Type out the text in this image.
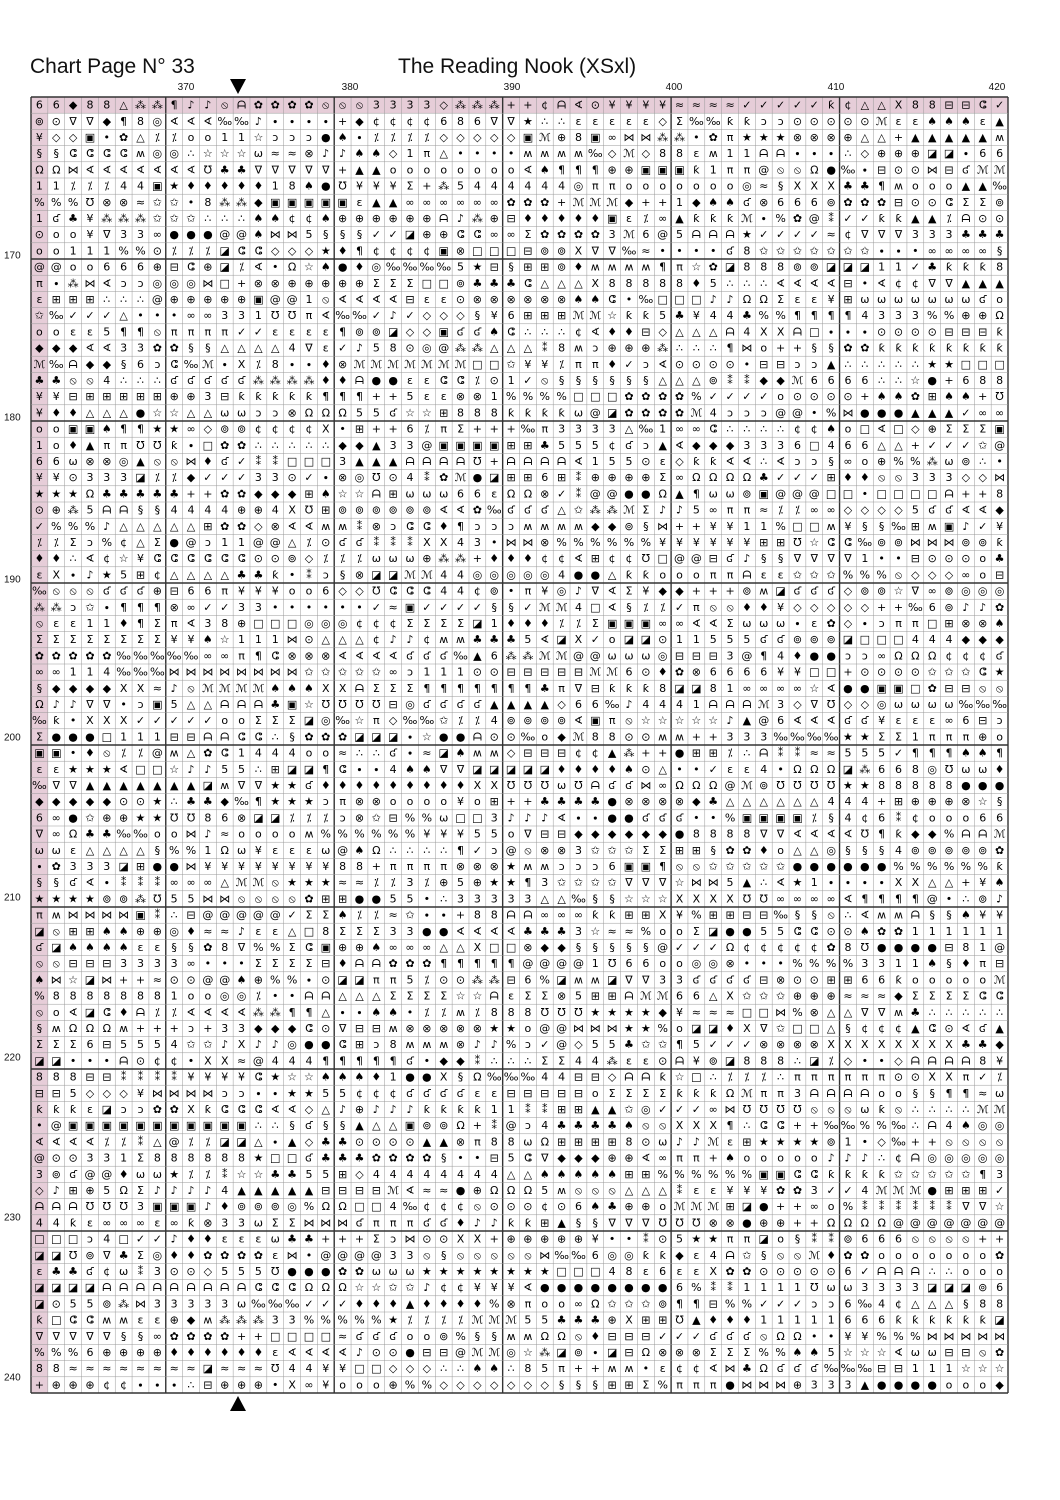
Chart Page N° 33	The Reading Nook (XSxl)
370	380	390	400	410	420
170
180
190
200
210
220
230
240
6 6 ◆ 8 8 △ ⁂ ⁂ ¶ ♪ ♪ ⦸ ᗩ ✿ ✿ ✿ ✿ ⦸ ⦸ ⦸ 3 3 3 3 ◇ ⁂ ⁂ ⁂ + + ¢ ᗩ ∢ ⊙ ¥ ¥ ¥ ¥ ≈ ≈ ≈ ≈ ✓ ✓ ✓ ✓ ✓ ƙ ¢ △ △ X 8 8 ⊟ ⊟ ⵛ ✓
⊚ ⊙ ∇ ∇ ◆ ¶ 8 ◎ ∢ ∢ ∢ ‰ ‰ ♪ ∙ ∙ ∙ ∙ + ◆ ¢ ¢ ¢ ¢ 6 8 6 ∇ ∇ ★ ∴ ∴ ɛ ɛ ɛ ɛ ɛ ◇ Σ ‰ ‰ ƙ ƙ ɔ ɔ ⊙ ⊙ ⊙ ⊙ ⊙ ℳ ɛ ɛ ♠ ♠ ♠ ɛ ▲
¥ ◇ ◇ ▣ • ✿ △ ⁒ ⁒ o o 1 1 ☆ ɔ ɔ ɔ ● ♠ ∙ ⁒ ⁒ ⁒ ⁒ ◇ ◇ ◇ ◇ ◇ ▣ ℳ ⊕ 8 ▣ ∞ ⋈ ⋈ ⁂ ⁂ • ✿ π ★ ★ ★ ⊗ ⊗ ⊗ ⊕ △ △ + ▲ ▲ ▲ ▲ ▲ ʍ
§ § ⵛ ⵛ ⵛ ⵛ ʍ ◎ ◎ ∴ ☆ ☆ ☆ ω ≈ ≈ ⊗ ♪ ♪ ♠ ♠ ◇ 1 π △ • • • • ʍ ʍ ʍ ʍ ‰ ◇ ℳ ◇ 8 8 ɛ ʍ 1 1 ᗩ ᗩ ∙ ∙ ∙ ∴ ◇ ⊕ ⊕ ⊕ ◪ ◪ ∙ 6 6
Ω Ω ⋈ ∢ ∢ ∢ ∢ ∢ ∢ ∢ ℧ ♣ ♣ ∇ ∇ ∇ ∇ ∇ + ▲ ▲ o o o o o o o o ∢ ♠ ¶ ¶ ¶ ⊕ ⊕ ▣ ▣ ▣ ƙ 1 π π @ ⦸ ⦸ Ω ● ‰ ∙ ⊟ ⊙ ⊙ ⋈ ⊟ ʛ ℳ ℳ
1 1 ⁒ ⁒ ⁒ 4 4 ▣ ★ ♦ ♦ ♦ ♦ ♦ 1 8 ♠ ● ℧ ¥ ¥ ¥ Σ + ⁂ 5 4 4 4 4 4 4 ◎ π π o o o o o o o ◎ ≈ § X X X ♣ ♣ ¶ ʍ o o o ▲ ▲ ‰
% % % ℧ ⊗ ⊗ ≈ ✩ ✩ • 8 ⁂ ⁂ ◆ ▣ ▣ ▣ ▣ ▣ ɛ ▲ ▲ ∞ ∞ ∞ ∞ ∞ ∞ ✿ ✿ ✿ + ℳ ℳ ℳ ◆ + + 1 ◆ ♠ ♠ ʛ ⊗ 6 6 6 ⊚ ✿ ✿ ✿ ⊟ ⊙ ⊙ ⵛ Σ Σ ⊚
1 ʛ ♣ ¥ ⁂ ⁂ ⁂ ✩ ✩ ✩ ∴ ∴ ∴ ♠ ♠ ¢ ¢ ♠ ⊕ ⊕ ⊕ ⊕ ⊕ ⊕ ᗩ ♪ ⁂ ⊕ ⊟ ♦ ♦ ♦ ♦ ♦ ▣ ɛ ⁒ ∞ ▲ ƙ ƙ ƙ ℳ ∙ % ✿ @ ⁑ ✓ ✓ ƙ ƙ ▲ ▲ ⁒ ᗩ ⊙ ⊙
⊙ o o ¥ ∇ 3 3 ∞ ● ● ● @ @ ♠ ⋈ ⋈ 5 § § § ✓ ✓ ◪ ⊕ ⊕ ⵛ ⵛ ∞ ∞ Σ ✿ ✿ ✿ ✿ 3 ℳ 6 @ 5 ᗩ ᗩ ᗩ ★ ✓ ✓ ✓ ✓ ≈ ¢ ∇ ∇ ∇ 3 3 3 ♣ ♣ ♣
o o 1 1 1 % % ⊙ ⁒ ⁒ ⁒ ◪ ⵛ ⵛ ◇ ◇ ◇ ★ ♦ ¶ ¢ ¢ ¢ ¢ ▣ ⊗ □ □ □ ⊟ ⊚ ⊚ X ∇ ∇ ‰ ≈ • • • • ʛ 8 ✩ ✩ ✩ ✩ ✩ ✩ ✩ ∙ ∙ • ∞ ∞ ∞ ∞ §
@ @ o o 6 6 6 ⊕ ⊟ ⵛ ⊕ ◪ ⁒ ∢ • Ω ☆ ♠ ● ♦ ◎ ‰ ‰ ‰ ‰ 5 ★ ⊟ § ⊞ ⊞ ⊚ ♦ ʍ ʍ ʍ ʍ ¶ π ☆ ✿ ◪ 8 8 8 ⊚ ⊚ ◪ ◪ ◪ 1 1 ✓ ♣ ƙ ƙ ƙ 8
π ∙ ⁂ ⋈ ∢ ɔ ɔ ◎ ◎ ◎ ⋈ □ + ⊗ ⊗ ⊕ ⊕ ⊕ ⊕ ⊕ Σ Σ Σ □ □ ⊚ ♣ ♣ ♣ ⵛ △ △ △ X 8 8 8 8 8 ♦ 5 ∴ ∴ ∴ ∢ ∢ ∢ ∢ ⊟ • ∢ ¢ ¢ ∇ ∇ ▲ ▲ ▲
ɛ ⊞ ⊞ ⊞ ∴ ∴ ∴ @ ⊕ ⊕ ⊕ ⊕ ⊕ ▣ @ @ 1 ⦸ ∢ ∢ ∢ ∢ ⊟ ɛ ɛ ⊙ ⊗ ⊗ ⊗ ⊗ ⊗ ⊗ ♠ ♠ ⵛ • ‰ □ □ □ ♪ ♪ Ω Ω Σ ɛ ɛ ¥ ⊞ ω ω ω ω ω ω ω ʛ o
✩ ‰ ✓ ✓ ✓ △ • • • ∞ ∞ 3 3 1 ℧ ℧ π ∢ ‰ ‰ ✓ ♪ ✓ ◇ ◇ ◇ § ¥ 6 ⊞ ⊞ ⊞ ℳ ℳ ☆ ƙ ƙ 5 ♣ ¥ 4 4 ♣ % % ¶ ¶ ¶ ¶ 4 3 3 3 % % ⊕ ⊕ Ω
o o ɛ ɛ 5 ¶ ¶ ⦸ π π π π ✓ ✓ ɛ ɛ ɛ ɛ ¶ ⊚ ⊚ ◪ ◇ ◇ ▣ ʛ ʛ ♠ ⵛ ∴ ∴ ∴ ¢ ∢ ♦ ♦ ⊟ ◇ △ △ △ ᗩ 4 X X ᗩ □ ∙ ∙ ∙ ⊙ ⊙ ⊙ ⊙ ⊟ ⊟ ⊟ ƙ
◆ ◆ ◆ ∢ ∢ 3 3 ✿ ✿ § § △ △ △ △ 4 ∇ ɛ ✓ ♪ 5 8 ⊙ ◎ @ ⁂ ⁂ △ △ △ ⁑ 8 ʍ ɔ ⊕ ⊕ ⊕ ⁂ ∴ ∴ ∴ ¶ ⋈ o + + § § ✿ ✿ ƙ ƙ ƙ ƙ ƙ ƙ ƙ ƙ
ℳ ‰ ᗩ ◆ ◆ § 6 ɔ ⵛ ‰ ℳ ∙ X ⁒ 8 ∙ ∙ ♦ ⊗ ℳ ℳ ℳ ℳ ℳ ℳ ℳ □ □ ✩ ¥ ¥ ⁒ π π ♦ ✓ ɔ ∢ ⊙ ⊙ ⊙ ⊙ • ⊟ ⊟ ɔ ɔ ▲ ∴ ∴ ∴ ∴ ∴ ★ ★ □ □ □
♣ ♣ ⦸ ⦸ 4 ∴ ∴ ∴ ʛ ʛ ʛ ʛ ʛ ⁂ ⁂ ⁂ ⁂ ♦ ♦ ᗩ ● ● ɛ ɛ ⵛ ⵛ ⁒ ⊙ 1 ✓ ⦸ § § § § § § △ △ △ ⊚ ⁑ ⁑ ◆ ◆ ℳ 6 6 6 6 ∴ ∴ ☆ ● + 6 8 8
¥ ¥ ⊟ ⊞ ⊞ ⊞ ⊞ ⊞ ⊕ ⊕ 3 ⊟ ƙ ƙ ƙ ƙ ƙ ¶ ¶ ¶ + + 5 ɛ ɛ ⊗ ⊗ 1 % % % % □ □ □ ✿ ✿ ✿ ✿ % ✓ ✓ ✓ ✓ o ⊙ ⊙ ⊙ ⊙ + ♠ ♠ ✿ ⊞ ♠ ♠ + ℧
¥ ♦ ♦ △ △ △ ● ☆ ☆ △ △ ω ω ɔ ɔ ⊗ Ω Ω Ω 5 5 ʛ ☆ ☆ ⊞ 8 8 8 ƙ ƙ ƙ ƙ ω @ ◪ ✿ ✿ ✿ ✿ ℳ 4 ɔ ɔ ɔ @ @ • % ⋈ ● ● ● ▲ ▲ ▲ ✓ ∞ ∞
o o ▣ ▣ ♠ ¶ ¶ ★ ★ ∞ ◇ ⊚ ⊚ ¢ ¢ ¢ ¢ X • ⊞ + + 6 ⁒ π Σ + + + ‰ π 3 3 3 3 △ ‰ 1 ∞ ∞ ⵛ ∴ ∴ ∴ ∴ ¢ ¢ ♠ o □ ∢ □ ◇ ⊕ Σ Σ Σ ▣
1 o ♦ ▲ π π ℧ ℧ ƙ ∙ □ ✿ ✿ ∴ ∴ ∴ ∴ ∴ ◆ ◆ ▲ 3 3 @ ▣ ▣ ▣ ▣ ⊞ ⊞ ♣ 5 5 5 ¢ ʛ ɔ ▲ ∢ ◆ ◆ ◆ 3 3 3 6 □ 4 6 6 △ △ + ✓ ✓ ✓ ✩ @
6 6 ω ⊗ ⊗ ◎ ▲ ⦸ ⦸ ⋈ ♦ ʛ ✓ ⁑ ⁑ □ □ □ 3 ▲ ▲ ▲ ᗩ ᗩ ᗩ ᗩ ℧ + ᗩ ᗩ ᗩ ᗩ ∢ 1 5 5 ⊙ ɛ ◇ ƙ ƙ ∢ ∢ ∴ ∢ ɔ ɔ § ∞ o ⊕ % % ⁂ ω ⊚ ∴ •
¥ ¥ ⊙ 3 3 3 ◪ ⁒ ⁒ ◆ ✓ ✓ ✓ 3 3 ⊙ ✓ ∙ ⊗ ◎ ℧ ⊙ 4 ⁑ ✿ ℳ ● ◪ ⊞ ⊞ 6 ⊞ ⁑ ⊕ ⊕ ⊕ ⊕ Σ ∞ Ω Ω Ω Ω ♣ ✓ ✓ ✓ ⊞ ♦ ♦ ⦸ ⦸ 3 3 3 ◇ ◇ ⋈
★ ★ ★ Ω ♣ ♣ ♣ ♣ ♣ + + ✿ ✿ ◆ ◆ ◆ ⊞ ♠ ☆ ☆ ᗩ ⊞ ω ω ω 6 6 ɛ Ω Ω ⊗ ✓ ⁑ @ @ ● ● Ω ▲ ¶ ω ω ⊚ ▣ @ @ @ □ □ • □ □ □ □ ᗩ + + 8
⊙ ⊕ ⁂ 5 ᗩ ᗩ § § 4 4 4 4 ⊕ ⊕ 4 X ℧ ⊞ ⊚ ⊚ ⊚ ⊚ ⊚ ⊚ ∢ ∢ ✿ ‰ ʛ ʛ ʛ △ ✩ ⁂ ⁂ ℳ Σ ♪ ♪ 5 ∞ π π ≈ ⁒ ⁒ ∞ ∞ ◇ ◇ ◇ ◇ 5 ʛ ʛ ∢ ∢ ◆
✓ % % % ♪ △ △ △ △ △ ⊞ ✿ ✿ ◇ ⊗ ∢ ∢ ʍ ʍ ⁑ ⊗ ɔ ⵛ ⵛ ♦ ¶ ɔ ɔ ɔ ʍ ʍ ʍ ʍ ◆ ◆ ⊚ § ⋈ + + ¥ ¥ 1 1 % □ □ ʍ ¥ § § ‰ ⊞ ʍ ▣ ♪ ✓ ¥
⁒ ⁒ Σ ɔ % ¢ △ Σ ● @ ɔ 1 1 @ @ △ ⁒ ⊙ ʛ ʛ ⁑ ⁑ ⁑ X X 4 3 • ⋈ ⋈ ⊗ % % % % % % ¥ ¥ ¥ ¥ ¥ ¥ ⊞ ⊞ ℧ ☆ ⵛ ⵛ ‰ ⊚ ⊚ ⋈ ⋈ ⋈ ⊚ ⊚ ƙ
♦ ♦ ∴ ∢ ¢ ☆ ¥ ⵛ ⵛ ⵛ ⵛ ⵛ ⵛ ⊙ ⊙ ⊚ ◇ ⁒ ⁒ ⁒ ω ω ω ⊕ ⁂ ⁂ + ♦ ♦ ♦ ¢ ¢ ∢ ⊞ ¢ ¢ ℧ □ @ @ ⊟ ʛ ♪ § § ∇ ∇ ∇ ∇ 1 • • ⊟ ⊙ ⊙ ⊙ o ♣
ɛ X ∙ ♪ ★ 5 ⊞ ¢ △ △ △ △ ♣ ♣ ƙ • ⁑ ɔ § ⊗ ◪ ◪ ℳ ℳ 4 4 ◎ ◎ ◎ ◎ ◎ 4 ● ● △ ƙ ƙ o o o π π ᗩ ɛ ɛ ✩ ✩ ✩ % % % ⦸ ◇ ◇ ◇ ∞ o ⊟
‰ ⦸ ⦸ ⦸ ʛ ʛ ʛ ⊕ ⊟ 6 6 π ¥ ¥ ¥ o o 6 ◇ ◇ ℧ ⵛ ⵛ ⵛ 4 4 ¢ ⊚ • π ¥ ◎ ♪ ∇ ∢ Σ ¥ ◆ ◆ + + + ⊚ ʍ ◪ ʛ ʛ ʛ ◇ ⊚ ⊚ ☆ ∇ ∞ ⊚ ◎ ◎ ◎
⁂ ⁂ ɔ ✩ ∙ ¶ ¶ ¶ ⊗ ∞ ✓ ✓ 3 3 • • • • • • ✓ ≈ ▣ ✓ ✓ ✓ ✓ § § ✓ ℳ ℳ 4 □ ∢ § ⁒ ⁒ ✓ π ⦸ ⦸ ♦ ♦ ¥ ◇ ◇ ◇ ◇ ◇ + + ‰ 6 ⊚ ♪ ♪ ✿
⦸ ɛ ɛ 1 1 ♦ ¶ Σ π ∢ 3 8 ⊕ □ □ □ ◎ ◎ ◎ ¢ ¢ ¢ Σ Σ Σ Σ ◪ 1 ♦ ♦ ♦ ⁒ ⁒ Σ ▣ ▣ ▣ ∞ ∞ ∢ ∢ Σ ω ω ω ∙ ɛ ✿ ◇ ∙ ɔ π π □ ⊞ ⊗ ⊗ ♠
Σ Σ Σ Σ Σ Σ Σ Σ ¥ ¥ ♠ ☆ 1 1 1 ⋈ ⊙ △ △ △ ¢ ♪ ♪ ¢ ʍ ʍ ♣ ♣ ♣ 5 ∢ ◪ X ✓ o ◪ ◪ ⊙ 1 1 5 5 5 ʛ ʛ ⊚ ⊚ ⊚ ◪ □ □ □ 4 4 4 ◆ ◆ ◆
✿ ✿ ✿ ✿ ✿ ‰ ‰ ‰ ‰ ‰ ∞ ∞ π ¶ ⵛ ⊗ ⊗ ⊗ ∢ ∢ ∢ ∢ ʛ ʛ ʛ ‰ ▲ 6 ⁂ ⁂ ℳ ℳ @ @ ω ω ω ◎ ⊟ ⊟ ⊟ 3 @ ¶ 4 ♦ ● ● ɔ ɔ ∞ Ω Ω Ω ¢ ¢ ¢ ʛ
∞ ∞ 1 1 4 ‰ ‰ ‰ ⋈ ⋈ ⋈ ⋈ ⋈ ⋈ ⋈ ⋈ ✩ ✩ ✩ ✩ ✩ ∞ ɔ 1 1 1 ⊙ ⊙ ⊟ ⊟ ⊟ ⊟ ⊟ ℳ ℳ 6 ⊙ ♦ ✿ ⊗ 6 6 6 6 ¥ ¥ □ □ + ⊙ ⊙ ⊙ ⊙ ✩ ✩ ✩ ⵛ ★
§ ◆ ◆ ◆ ◆ X X ≈ ♪ ⦸ ℳ ℳ ℳ ℳ ♠ ♠ ♠ X X ᗩ Σ Σ Σ ¶ ¶ ¶ ¶ ¶ ¶ ¶ ♣ π ∇ ⊟ ƙ ƙ ƙ 8 ◪ ◪ 8 1 ∞ ∞ ∞ ∞ ☆ ∢ ● ● ▣ ▣ □ ✿ ⊟ ⊟ ⦸ ⦸
Ω ♪ ♪ ∇ ∇ • ɔ ▣ 5 △ △ ᗩ ᗩ ᗩ ♣ ▣ ☆ ℧ ℧ ℧ ℧ ⊟ ◎ ʛ ʛ ʛ ʛ ▲ ▲ ▲ ▲ ◇ 6 6 ‰ ♪ 4 4 4 1 ᗩ ᗩ ᗩ ℳ 3 ◇ ∇ ℧ ◇ ◇ ◎ ω ω ω ω ‰ ‰ ‰
‰ ƙ • X X X ✓ ✓ ✓ ✓ ✓ o o Σ Σ Σ ◪ ◎ ‰ ☆ π ◇ ‰ ‰ ✩ ⁒ ⁒ 4 ⊚ ⊚ ⊚ ⊚ ∢ ▣ π ⦸ ☆ ☆ ☆ ☆ ☆ ♪ ▲ @ 6 ∢ ∢ ∢ ʛ ʛ ¥ ɛ ɛ ɛ ∞ 6 ⊟ ɔ
Σ ● ● ● □ 1 1 1 ⊟ ⊟ ᗩ ᗩ ⵛ ⵛ ∴ § ✿ ✿ ✿ ◪ ◪ ◪ ∙ ☆ ● ● ᗩ ⊙ ⊙ ‰ o ◆ ℳ 8 8 ⊙ ⊙ ʍ ʍ + + 3 3 3 ‰ ‰ ‰ ‰ ★ ★ Σ Σ 1 π π π ⊕ o
▣ ▣ • ♦ ⦸ ⁒ ⁒ @ ʍ △ ✿ ⵛ 1 4 4 4 o o ≈ ∴ ∴ ʛ ∙ ≈ ◪ ♠ ʍ ʍ ◇ ⊟ ⊟ ⊟ ¢ ¢ ▲ ⁂ + + ● ⊞ ⊞ ⁒ ∴ ᗩ ⁑ ⁑ ≈ ≈ 5 5 5 ✓ ¶ ¶ ¶ ♠ ♠ ¶
ɛ ɛ ★ ★ ★ ∢ □ □ ☆ ♪ ♪ 5 5 ∴ ⊞ ◪ ◪ ¶ ⵛ ∙ ∙ 4 ♠ ♠ ∇ ∇ ◪ ◪ ◪ ◪ ◪ ♦ ♦ ♦ ♦ ♠ ⊙ △ • • ✓ ɛ ɛ 4 • Ω Ω Ω ◪ ⁂ 6 6 8 ◎ ℧ ω ω ♦
‰ ∇ ∇ ▲ ▲ ▲ ▲ ▲ ▲ ▲ ◪ ʍ ∇ ∇ ★ ★ ʛ ♦ ♦ ♦ ♦ ♦ ♦ ♦ ♦ ♦ X X ℧ ℧ ℧ ω ℧ ᗩ ʛ ʛ ⋈ ∞ Ω Ω Ω @ ℳ ⊚ ℧ ℧ ℧ ℧ ★ ★ 8 8 8 8 8 ● ● ●
◆ ◆ ◆ ◆ ◆ ⊙ ⊙ ★ ∴ ♣ ♣ ◆ ‰ ¶ ★ ★ ★ ɔ π ⊗ ⊗ o o o o ¥ o ⊞ + + ♣ ♣ ♣ ♣ ● ⊗ ⊗ ⊗ ⊗ ◆ ♣ △ △ △ △ △ △ 4 4 4 + ⊞ ⊕ ⊕ ⊕ ⊗ ☆ §
6 ∞ ● ✩ ⊕ ⊕ ★ ★ ℧ ℧ 8 6 ⊗ ◪ ◪ ⁒ ⁒ ⁒ ɔ ⊗ ✩ ⊟ % % ω □ □ 3 ♪ ♪ ♪ ∢ ∙ ∙ ● ● ʛ ʛ ʛ • • % ▣ ▣ ▣ ▣ ⁒ § 4 ¢ 6 ⁑ ¢ o o o 6 6
∇ ∞ Ω ♣ ♣ ‰ ‰ o o ⋈ ♪ ≈ o o o o ʍ % % % % % % ¥ ¥ ¥ 5 5 o ∇ ⊟ ⊟ ◆ ◆ ◆ ◆ ◆ ◆ ● 8 8 8 8 ∇ ∇ ∢ ∢ ∢ ∢ ℧ ¶ ƙ ◆ ◆ % ᗩ ᗩ ℳ
ω ω ɛ △ △ △ △ § % % 1 Ω ω ¥ ɛ ɛ ɛ ω @ ♠ Ω ∴ ∴ ∴ ∴ ¶ ✓ ɔ @ ⦸ ⊗ ⊗ 3 ✩ ✩ ✩ Σ Σ ⊞ ⊞ § ✿ ✿ ♦ o △ △ ◎ § § § 4 ⊚ ⊚ ⊚ ⊚ ⊚ ✿
∙ ✿ 3 3 3 ◪ ⊞ ● ● ⋈ ¥ ¥ ¥ ¥ ¥ ¥ ¥ ¥ 8 8 + π π π π ⊗ ⊗ ⊗ ★ ʍ ʍ ɔ ɔ ɔ 6 ▣ ▣ ¶ ⦸ ⦸ ✩ ✩ ✩ ✩ ✩ ● ● ● ● ● ● % % % % % % ƙ
§ § ʛ ∢ ∙ ⁑ ⁑ ⁑ ∞ ∞ ∞ △ ℳ ℳ ⦸ ★ ★ ★ ≈ ≈ ⁒ ⁒ 3 ⁒ ⊕ 5 ⊕ ★ ★ ¶ 3 ✩ ✩ ✩ ✩ ∇ ∇ ∇ ☆ ⋈ ⋈ 5 ▲ ∴ ∢ ★ 1 ∙ ∙ ∙ ∙ X X △ △ + ¥ ♠
★ ★ ★ ★ ⊚ ⊚ ⁂ ℧ 5 5 ⋈ ⋈ ⦸ ⦸ ⦸ ⦸ ✿ ⊞ ⊞ ● ● 5 5 • ∴ 3 3 3 3 3 △ △ ‰ § § ☆ ☆ ☆ X X X X ℧ ℧ ∞ ∞ ∞ ∞ ∢ ¶ ¶ ¶ ¶ @ • ∴ ⊚ ♪
π ʍ ⋈ ⋈ ⋈ ⋈ ▣ ⁑ ∴ ⊟ @ @ @ @ @ ✓ Σ Σ ♠ ⁒ ⁒ ≈ ✩ ∙ ∙ + 8 8 ᗩ ᗩ ∞ ∞ ∞ ƙ ƙ ⊞ ⊞ X ¥ % ⊞ ⊞ ⊟ ⊟ ‰ § § ⦸ ∴ ∢ ʍ ʍ ᗩ § § ♠ ¥ ¥
◪ ⦸ ⊞ ⊞ ♠ ♠ ⊕ ⊕ ◎ ♦ ≈ ≈ ♪ ɛ ɛ △ □ 8 Σ Σ Σ 3 3 ● ● ∢ ∢ ∢ ∢ ♣ ♣ ♣ 3 ☆ ≈ ≈ % o o Σ ◪ ● ● 5 5 ⵛ ⵛ ⊙ ⊙ ♠ ✿ ✿ 1 1 1 1 1 1
ʛ ◪ ♠ ♠ ♠ ♠ ɛ ɛ § § ✿ 8 ∇ % % Σ ⵛ ▣ ⊕ ⊕ ♠ ∞ ∞ ∞ △ △ X □ □ ⊗ ◆ ◆ § § § § § @ ✓ ✓ ✓ Ω ¢ ¢ ¢ ¢ ¢ ✿ 8 ℧ ● ● ● ● ⊟ 8 1 @
⦸ ⦸ ⊟ ⊟ ⊟ 3 3 3 3 ∞ • • • Σ Σ Σ Σ ⊟ ♦ ᗩ ᗩ ✿ ✿ ✿ ¶ ¶ ¶ ¶ ¶ @ @ @ @ 1 ℧ 6 6 o o ◎ ◎ ⊗ • • • % % % % 3 3 1 1 ♠ § ♦ π ⊟
♠ ⋈ ☆ ◪ ⋈ + + ≈ ⊙ ⊙ @ @ ♠ ⊕ % % ∙ ⊙ ◪ ◪ π π 5 ⁒ ⊙ ⊙ ⁂ ⁂ ⊟ 6 % ◪ ʍ ʍ ◪ ∇ ∇ 3 3 ʛ ʛ ʛ ʛ ⊟ ⊗ ⊙ ⊙ ⊞ ⊞ 6 6 ƙ o o o o o ℳ
% 8 8 8 8 8 8 8 1 o o ◎ ◎ ⁒ • • ᗩ ᗩ △ △ △ Σ Σ Σ Σ ☆ ☆ ᗩ ɛ Σ Σ ⊗ 5 ⊞ ⊞ ᗩ ℳ ℳ 6 6 △ X ✩ ✩ ✩ ⊕ ⊕ ⊕ ≈ ≈ ≈ ◆ Σ Σ Σ Σ ⵛ ⵛ
⦸ o ∢ ◪ ⵛ ♦ ᗩ ⁒ ⁒ ∢ ∢ ∢ ∢ ⁂ ⁂ ¶ ¶ △ ∙ ∙ ♠ ♠ • ⁒ ⁒ ʍ ⁒ 8 8 8 ℧ ℧ ℧ ★ ★ ★ ★ ◆ ¥ ≈ ≈ ≈ □ □ ⋈ % ⊗ △ △ ∇ ∇ ʍ ♣ ∴ ∴ ∴ ∴ ∴
§ ʍ Ω Ω Ω ʍ + + + ɔ + 3 3 ◆ ◆ ◆ ⵛ ⊙ ∇ ⊟ ⊟ ʍ ⊗ ⊗ ⊗ ⊗ ⊗ ★ ★ o @ @ ⋈ ⋈ ⋈ ★ ★ % o ◪ ◪ ♦ X ∇ ✩ □ □ △ § ¢ ¢ ¢ ▲ ⵛ ⊙ ∢ ʛ ▲
Σ Σ Σ 6 ⊟ 5 5 5 4 ✩ ✩ ♪ X ♪ ♪ ◎ ● ● ⵛ ⊞ ɔ 8 ʍ ʍ ʍ ⊗ ♪ ♪ % ɔ ✓ @ ◇ 5 5 ♣ ✩ ✩ ¶ 5 ✓ ✓ ✓ ⊗ ⊗ ⊗ ⊗ X X X X X X X X ♣ ♣ ◆
◪ ◪ • • • ᗩ ⊙ ¢ ¢ • X X ≈ @ 4 4 4 ¶ ¶ ¶ ¶ ¶ ʛ • ◆ ◆ ⁑ ∴ ∴ ∴ Σ Σ 4 4 ⁂ ɛ ɛ ⊙ ᗩ ¥ ⊚ ◪ 8 8 8 ∴ ◪ ⁒ ◇ • • ◇ ᗩ ᗩ ᗩ ᗩ 8 ¥
8 8 8 ⊟ ⊟ ⁑ ⁑ ⁑ ⁑ ¥ ¥ ¥ ¥ ⵛ ★ ☆ ☆ ♠ ♠ ♠ ♦ 1 ● ● X § Ω ‰ ‰ ‰ 4 4 ⊟ ⊟ ◇ ᗩ ᗩ ƙ ☆ □ ∴ ⁒ ⁒ ⁒ ∴ π π π π π π ⊙ ⊙ X X π ✓ ⁒
⊟ ⊟ 5 ◇ ◇ ◇ ¥ ⋈ ⋈ ⋈ ⋈ ɔ ɔ ∙ ∙ ★ ★ 5 5 ¢ ¢ ¢ ʛ ʛ ʛ ʛ ɛ ɛ ⊟ ⊟ ⊟ ⊟ ⊟ o Σ Σ Σ Σ ƙ ƙ ƙ Ω ℳ π π 3 ᗩ ᗩ ᗩ ᗩ o o § § ¶ ¶ ≈ ω
ƙ ƙ ƙ ɛ ◪ ɔ ɔ ✿ ✿ X ƙ ⵛ ⵛ ⵛ ∢ ∢ ◇ △ ♪ ⊕ ♪ ♪ ♪ ƙ ƙ ƙ ƙ 1 1 ⁑ ⁑ ⊞ ⊞ ▲ ▲ ✩ ◎ ✓ ✓ ✓ ∞ ⋈ ℧ ℧ ℧ ℧ ⦸ ⦸ ⦸ ω ƙ ⦸ ∴ ∴ ∴ ∴ ℳ ℳ
• @ ▣ ▣ ▣ ▣ ▣ ▣ ▣ ▣ ▣ ▣ ▣ ∴ ∴ § ʛ § § ▲ △ △ ▣ ⊚ ⊚ Ω + ⁑ @ ɔ 4 ♣ ♣ ♣ ♣ ♠ ⦸ ⦸ X X X ¶ ∴ ⵛ ⵛ + + ‰ ‰ % % ‰ ∴ ᗩ 4 ♠ ◎ ◎
∢ ∢ ∢ ∢ ⁒ ⁒ ⁑ △ @ ⁒ ⁒ ◪ ◪ △ ∙ ▲ ◇ ♣ ♣ ⊙ ⊙ ⊙ ⊙ ▲ ▲ ⊗ π 8 8 ω Ω ⊞ ⊞ ⊞ ⊞ 8 ⊙ ω ♪ ♪ ℳ ɛ ⊞ ★ ★ ★ ★ ⊚ 1 • ◇ ‰ + + ⦸ ⦸ ⦸ ⦸
@ ⊙ ⊙ 3 3 1 Σ 8 8 8 8 8 8 ★ □ □ ʛ ♣ ♣ ♣ ✿ ✿ ✿ ✿ § • • ⊟ 5 ⵛ ∇ ◆ ◆ ◆ ⊕ ⊕ ∢ ∞ π π + ♠ o o o o o ♪ ♪ ♪ ∴ ¢ ᗩ ◎ ◎ ◎ ◎ ◎
3 ⊚ ʛ @ @ ♦ ω ω ★ ⁒ ⁒ ⁑ ☆ ☆ ♣ ♣ 5 5 ⊞ ◇ 4 4 4 4 4 4 4 4 △ △ ♠ ♠ ♠ ♠ ♠ ⊞ ⊞ % % % % % % ▣ ▣ ⵛ ⵛ ƙ ƙ ƙ ƙ ✩ ✩ ✩ ✩ ✩ ¶ 3
◇ ♪ ⊞ ⊕ 5 Ω Σ ♪ ♪ ♪ ♪ 4 ▲ ▲ ▲ ▲ ▲ ⊟ ⊟ ⊟ ⊟ ℳ ∢ ≈ ≈ ● ⊕ Ω Ω Ω 5 ʍ ⦸ ⦸ ⦸ △ △ △ ⁑ ɛ ɛ ¥ ¥ ¥ ✿ ✿ 3 ✓ ✓ 4 ℳ ℳ ℳ ● ⊞ ⊞ ⊞ ✓
ᗩ ᗩ ᗩ ℧ ℧ ℧ 3 ▣ ▣ ▣ ♪ ♦ ⊚ ⊚ ⊚ ◎ % Ω Ω □ □ 4 ‰ ¢ ¢ ¢ ⦸ ⊙ ⊙ ⊙ ¢ ⊙ 6 ♠ ♣ ⊕ ⊕ o ℳ ℳ ℳ ⊞ ◪ ● + + ∞ o % ⁑ ⁑ ⁑ ⁑ ⁑ ⁑ ∇ ∇ ☆
4 4 ƙ ɛ ∞ ∞ ∞ ɛ ∞ ƙ ⊗ 3 3 ω Σ Σ ⋈ ⋈ ⋈ ʛ π π π ʛ ʛ ♦ ♪ ♪ ƙ ƙ ⊞ ▲ § § ∇ ∇ ∇ ℧ ℧ ℧ ⊗ ⊗ ● ⊕ ⊕ + + Ω Ω Ω Ω @ @ @ @ @ @ @
□ □ □ ɔ 4 □ ✓ ✓ ♪ ♦ ♦ ɛ ɛ ɛ ω ♣ ♣ + + + Σ ɔ ⋈ ⊙ ⊙ X X + ⊕ ⊕ ⊕ ⊕ ⊕ ¥ • • ⁑ ⊙ 5 ★ ★ π π ◪ o § ⁑ ⁑ ⊚ 6 6 6 ⦸ ⦸ ⦸ ⦸ + +
◪ ◪ ℧ ⊚ ∇ ♣ Σ ◎ ♦ ♦ ✿ ✿ ✿ ✿ ɛ ⋈ • @ @ @ @ 3 3 ⦸ § ⦸ ⦸ ⦸ ⦸ ⦸ ⋈ ‰ ‰ 6 ◎ ◎ ƙ ƙ ◆ ɛ 4 ᗩ ✩ § ⦸ ⦸ ℳ ♦ ✿ ✿ o o o o o o o ✿
ɛ ♣ ♣ ʛ ¢ ω ⁑ 3 ⊙ ⊙ ◇ 5 5 5 ℧ ● ● ● ✿ ✿ ω ω ω ★ ★ ★ ★ ★ ★ ★ ★ □ □ □ 4 8 ɛ 6 ɛ ɛ X ✿ ✿ ⊙ ⊙ ⊙ ⊙ ⊙ 6 ✓ ᗩ ᗩ ᗩ ∴ ∴ o o o
◪ ◪ ◪ ◪ ᗩ ᗩ ᗩ ᗩ ᗩ ᗩ ᗩ ᗩ ᗩ ⵛ ⵛ ⵛ Ω Ω Ω ☆ ☆ ✩ ✩ ♪ ¢ ¢ ¥ ¥ ¥ ∢ ● ● ● ● ● ● ● ● 6 % ⁑ ⁑ 1 1 1 1 ℧ ω ω 3 3 3 3 ◪ ◪ ◪ ⊚ 6
◪ ⊙ 5 5 ⊚ ⁂ ⋈ 3 3 3 3 3 ω ‰ ‰ ‰ ✓ ✓ ✓ ♦ ♦ ♦ ▲ ♦ ♦ ♦ ♦ % ⊗ π o o ∞ Ω ✩ ✩ ✩ ⊚ ¶ ¶ ⊟ % % ✓ ✓ ✓ ɔ ɔ 6 ‰ 4 ¢ △ △ △ § 8 8
ƙ □ ⵛ ⵛ ʍ ʍ ɛ ɛ ⊕ ◆ ʍ ⁂ ⁂ ⁂ 3 3 % % % % % ★ ⁒ ⁒ ⁒ ⁒ ℳ ℳ ℳ 5 5 ♣ ♣ ♣ ⊕ X ⊞ ⊞ ℧ ▲ ♦ ♦ ♦ 1 1 1 1 1 6 6 6 ƙ ƙ ƙ ƙ ƙ ƙ ◪
∇ ∇ ∇ ∇ ∇ § § ∞ ✿ ✿ ✿ ✿ + + □ □ □ □ ≈ ʛ ʛ ʛ o o ⊚ % § § ʍ ʍ Ω Ω ⦸ ♦ ⊟ ⊟ ⊟ ✓ ✓ ✓ ʛ ʛ ʛ ⦸ Ω Ω • • ¥ ¥ % % % ⋈ ⋈ ⋈ ⋈ ⋈
% % % 6 ⊕ ⊕ ⊕ ⊕ ♦ ♦ ♦ ♦ ♦ ♦ ɛ ∢ ∢ ∢ ∢ ♪ ⊙ ⊙ ● ⊟ ⊟ @ ℳ ℳ ◎ ☆ ⁂ ◪ ⊚ ∙ ◪ ⊟ Ω ⊗ ⊗ ⊗ Σ Σ Σ % % ♠ ♠ 5 ☆ ☆ ☆ ∢ ω ω ⊟ ⊟ ⦸ ✿
8 8 ≈ ≈ ≈ ≈ ≈ ≈ ≈ ≈ ◪ ≈ ≈ ≈ ℧ 4 4 ¥ ¥ □ □ ◇ ◇ ◇ ∴ ∴ ♠ ♠ ∴ 8 5 π + + ʍ ʍ • ɛ ¢ ¢ ∢ ⋈ ♣ Ω ʛ ʛ ʛ ‰ ‰ ‰ ⊟ ⊟ 1 1 1 ☆ ☆ ☆
+ ⊕ ⊕ ⊕ ¢ ¢ ∙ ∙ ∙ ∴ ⊟ ⊕ ⊕ ⊕ • X ∞ ¥ o o o ⊕ % % ◇ ◇ ◇ ◇ ◇ ◇ ◇ § § § ⊞ ⊞ Σ % π π π ● ⋈ ⋈ ⋈ ⊕ 3 3 3 ▲ ● ● ● ● o o o ◆
